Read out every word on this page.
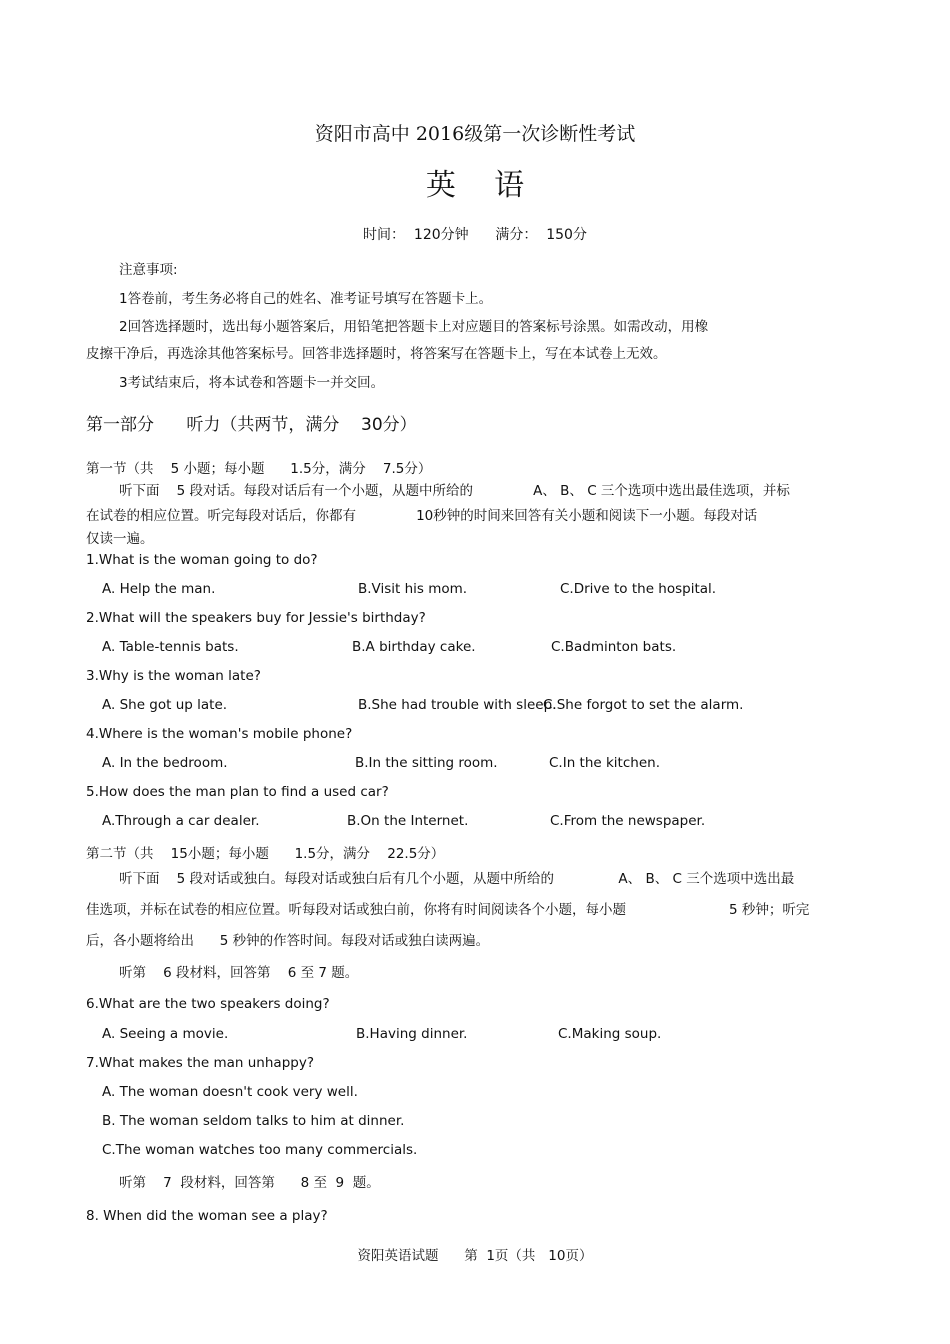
资阳市高中 2016级第一次诊断性考试
英    语
时间：  120分钟      满分：  150分
注意事项:
1答卷前，考生务必将自己的姓名、准考证号填写在答题卡上。
2回答选择题时，选出每小题答案后，用铅笔把答题卡上对应题目的答案标号涂黑。如需改动，用橡
皮擦干净后，再选涂其他答案标号。回答非选择题时，将答案写在答题卡上，写在本试卷上无效。
3考试结束后，将本试卷和答题卡一并交回。
第一部分      听力（共两节，满分    30分）
第一节（共    5 小题；每小题      1.5分，满分    7.5分）
听下面    5 段对话。每段对话后有一个小题，从题中所给的              A、 B、 C 三个选项中选出最佳选项，并标
在试卷的相应位置。听完每段对话后，你都有              10秒钟的时间来回答有关小题和阅读下一小题。每段对话
仅读一遍。
1.What is the woman going to do?
A. Help the man.	B.Visit his mom.	C.Drive to the hospital.
2.What will the speakers buy for Jessie's birthday?
A. Table-tennis bats.	B.A birthday cake.	C.Badminton bats.
3.Why is the woman late?
A. She got up late.	B.She had trouble with sleep.
C.She forgot to set the alarm.
4.Where is the woman's mobile phone?
A. In the bedroom.	B.In the sitting room.	C.In the kitchen.
5.How does the man plan to find a used car?
A.Through a car dealer.	B.On the Internet.	C.From the newspaper.
第二节（共    15小题；每小题      1.5分，满分    22.5分）
听下面    5 段对话或独白。每段对话或独白后有几个小题，从题中所给的               A、 B、 C 三个选项中选出最
佳选项，并标在试卷的相应位置。听每段对话或独白前，你将有时间阅读各个小题，每小题                        5 秒钟；听完
后，各小题将给出      5 秒钟的作答时间。每段对话或独白读两遍。
听第    6 段材料，回答第    6 至 7 题。
6.What are the two speakers doing?
A. Seeing a movie.	B.Having dinner.	C.Making soup.
7.What makes the man unhappy?
A. The woman doesn't cook very well.
B. The woman seldom talks to him at dinner.
C.The woman watches too many commercials.
听第    7  段材料，回答第      8 至  9  题。
8. When did the woman see a play?
资阳英语试题      第  1页（共   10页）
